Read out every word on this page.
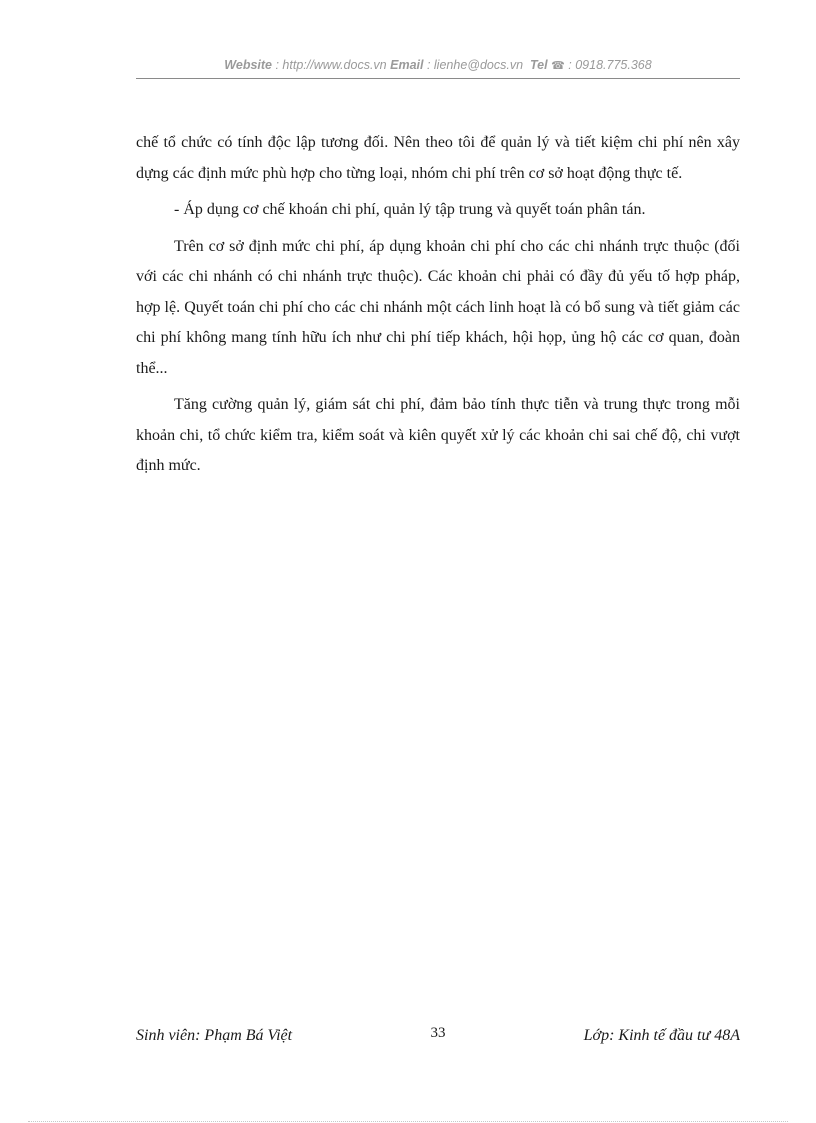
Website : http://www.docs.vn Email : lienhe@docs.vn Tel ☎ : 0918.775.368

chế tổ chức có tính độc lập tương đối. Nên theo tôi để quản lý và tiết kiệm chi phí nên xây dựng các định mức phù hợp cho từng loại, nhóm chi phí trên cơ sở hoạt động thực tế.

- Áp dụng cơ chế khoán chi phí, quản lý tập trung và quyết toán phân tán.

Trên cơ sở định mức chi phí, áp dụng khoản chi phí cho các chi nhánh trực thuộc (đối với các chi nhánh có chi nhánh trực thuộc). Các khoản chi phải có đầy đủ yếu tố hợp pháp, hợp lệ. Quyết toán chi phí cho các chi nhánh một cách linh hoạt là có bổ sung và tiết giảm các chi phí không mang tính hữu ích như chi phí tiếp khách, hội họp, ủng hộ các cơ quan, đoàn thể...

Tăng cường quản lý, giám sát chi phí, đảm bảo tính thực tiễn và trung thực trong mỗi khoản chi, tổ chức kiểm tra, kiểm soát và kiên quyết xử lý các khoản chi sai chế độ, chi vượt định mức.

Sinh viên: Phạm Bá Việt	33	Lớp: Kinh tế đầu tư 48A
